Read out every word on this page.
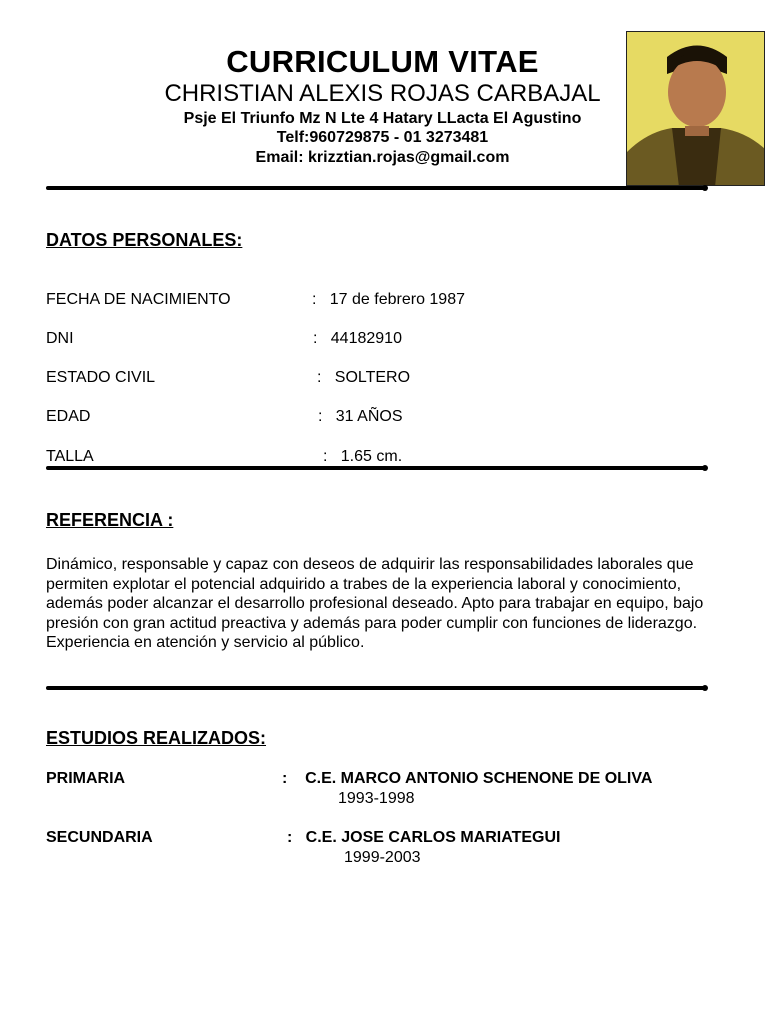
CURRICULUM VITAE
CHRISTIAN ALEXIS ROJAS CARBAJAL
Psje El Triunfo Mz N Lte 4 Hatary LLacta El Agustino
Telf:960729875 - 01 3273481
Email: krizztian.rojas@gmail.com
DATOS PERSONALES:
FECHA DE NACIMIENTO	:   17 de febrero 1987
DNI	:   44182910
ESTADO CIVIL	:   SOLTERO
EDAD	:   31 AÑOS
TALLA	:   1.65 cm.
REFERENCIA :
Dinámico, responsable y capaz con deseos de adquirir las responsabilidades laborales que permiten explotar el potencial adquirido a trabes de la experiencia laboral y conocimiento, además poder alcanzar el desarrollo profesional deseado. Apto para trabajar en equipo, bajo presión con gran actitud preactiva y además para poder cumplir con funciones de liderazgo. Experiencia en atención y servicio al público.
ESTUDIOS REALIZADOS:
PRIMARIA	:    C.E. MARCO ANTONIO SCHENONE DE OLIVA
1993-1998
SECUNDARIA	:   C.E. JOSE CARLOS MARIATEGUI
1999-2003
